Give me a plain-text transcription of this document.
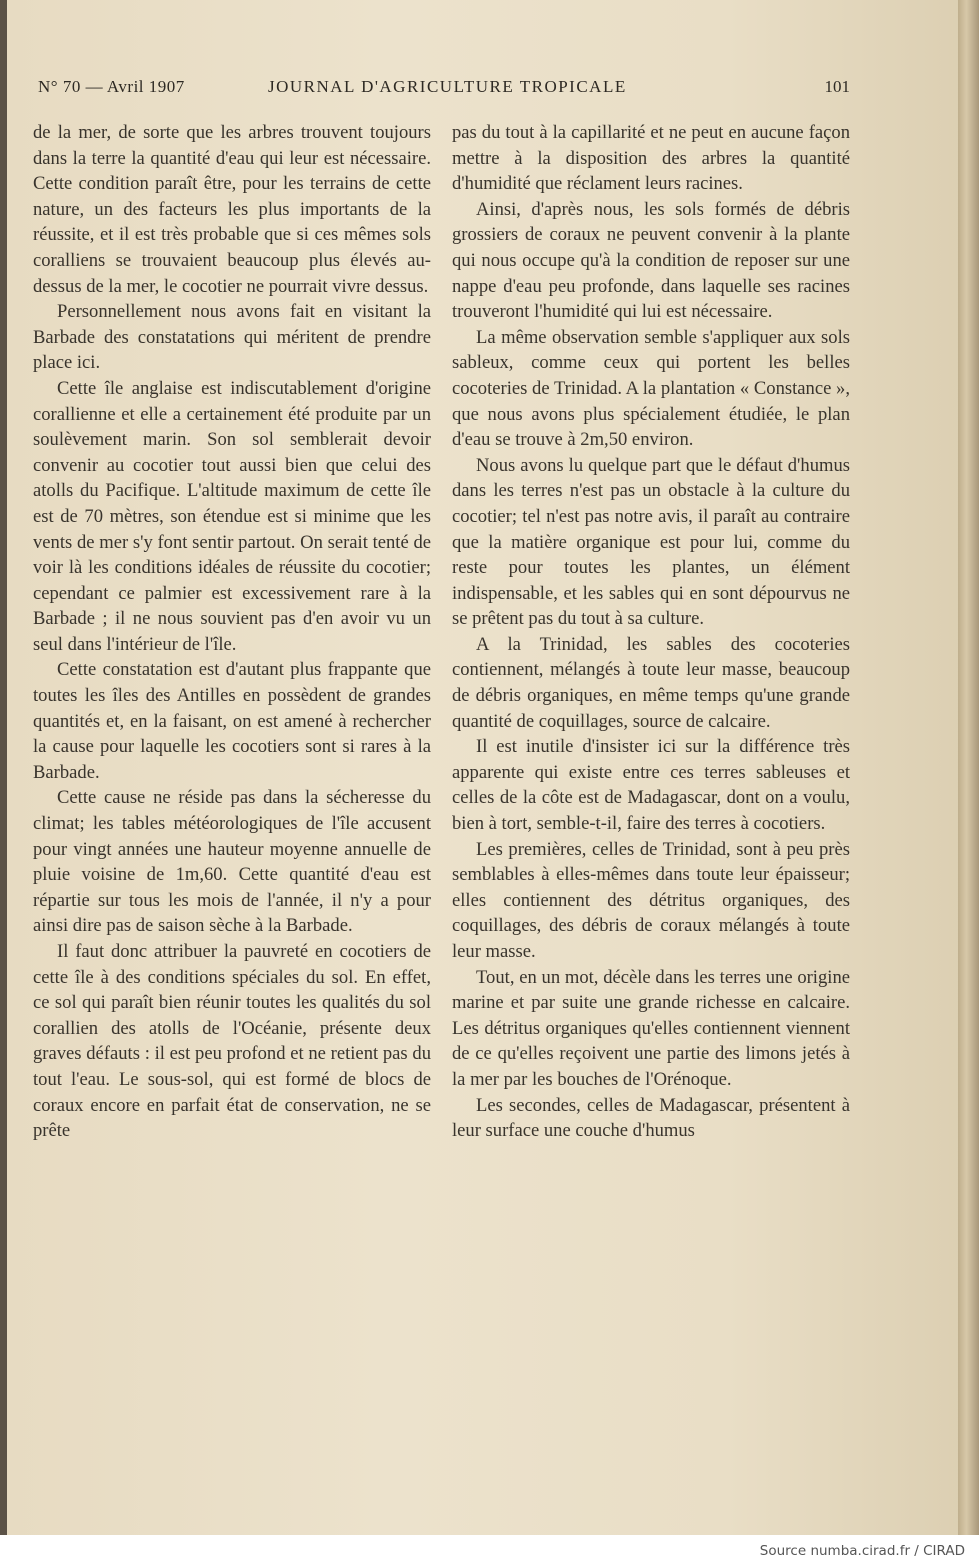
N° 70 — Avril 1907	JOURNAL D'AGRICULTURE TROPICALE	101

de la mer, de sorte que les arbres trouvent toujours dans la terre la quantité d'eau qui leur est nécessaire. Cette condition paraît être, pour les terrains de cette nature, un des facteurs les plus importants de la réussite, et il est très probable que si ces mêmes sols coralliens se trouvaient beaucoup plus élevés au-dessus de la mer, le cocotier ne pourrait vivre dessus.

Personnellement nous avons fait en visitant la Barbade des constatations qui méritent de prendre place ici.

Cette île anglaise est indiscutablement d'origine corallienne et elle a certainement été produite par un soulèvement marin. Son sol semblerait devoir convenir au cocotier tout aussi bien que celui des atolls du Pacifique. L'altitude maximum de cette île est de 70 mètres, son étendue est si minime que les vents de mer s'y font sentir partout. On serait tenté de voir là les conditions idéales de réussite du cocotier; cependant ce palmier est excessivement rare à la Barbade ; il ne nous souvient pas d'en avoir vu un seul dans l'intérieur de l'île.

Cette constatation est d'autant plus frappante que toutes les îles des Antilles en possèdent de grandes quantités et, en la faisant, on est amené à rechercher la cause pour laquelle les cocotiers sont si rares à la Barbade.

Cette cause ne réside pas dans la sécheresse du climat; les tables météorologiques de l'île accusent pour vingt années une hauteur moyenne annuelle de pluie voisine de 1m,60. Cette quantité d'eau est répartie sur tous les mois de l'année, il n'y a pour ainsi dire pas de saison sèche à la Barbade.

Il faut donc attribuer la pauvreté en cocotiers de cette île à des conditions spéciales du sol. En effet, ce sol qui paraît bien réunir toutes les qualités du sol corallien des atolls de l'Océanie, présente deux graves défauts : il est peu profond et ne retient pas du tout l'eau. Le sous-sol, qui est formé de blocs de coraux encore en parfait état de conservation, ne se prête

pas du tout à la capillarité et ne peut en aucune façon mettre à la disposition des arbres la quantité d'humidité que réclament leurs racines.

Ainsi, d'après nous, les sols formés de débris grossiers de coraux ne peuvent convenir à la plante qui nous occupe qu'à la condition de reposer sur une nappe d'eau peu profonde, dans laquelle ses racines trouveront l'humidité qui lui est nécessaire.

La même observation semble s'appliquer aux sols sableux, comme ceux qui portent les belles cocoteries de Trinidad. A la plantation « Constance », que nous avons plus spécialement étudiée, le plan d'eau se trouve à 2m,50 environ.

Nous avons lu quelque part que le défaut d'humus dans les terres n'est pas un obstacle à la culture du cocotier; tel n'est pas notre avis, il paraît au contraire que la matière organique est pour lui, comme du reste pour toutes les plantes, un élément indispensable, et les sables qui en sont dépourvus ne se prêtent pas du tout à sa culture.

A la Trinidad, les sables des cocoteries contiennent, mélangés à toute leur masse, beaucoup de débris organiques, en même temps qu'une grande quantité de coquillages, source de calcaire.

Il est inutile d'insister ici sur la différence très apparente qui existe entre ces terres sableuses et celles de la côte est de Madagascar, dont on a voulu, bien à tort, semble-t-il, faire des terres à cocotiers.

Les premières, celles de Trinidad, sont à peu près semblables à elles-mêmes dans toute leur épaisseur; elles contiennent des détritus organiques, des coquillages, des débris de coraux mélangés à toute leur masse.

Tout, en un mot, décèle dans les terres une origine marine et par suite une grande richesse en calcaire. Les détritus organiques qu'elles contiennent viennent de ce qu'elles reçoivent une partie des limons jetés à la mer par les bouches de l'Orénoque.

Les secondes, celles de Madagascar, présentent à leur surface une couche d'humus

Source numba.cirad.fr / CIRAD
